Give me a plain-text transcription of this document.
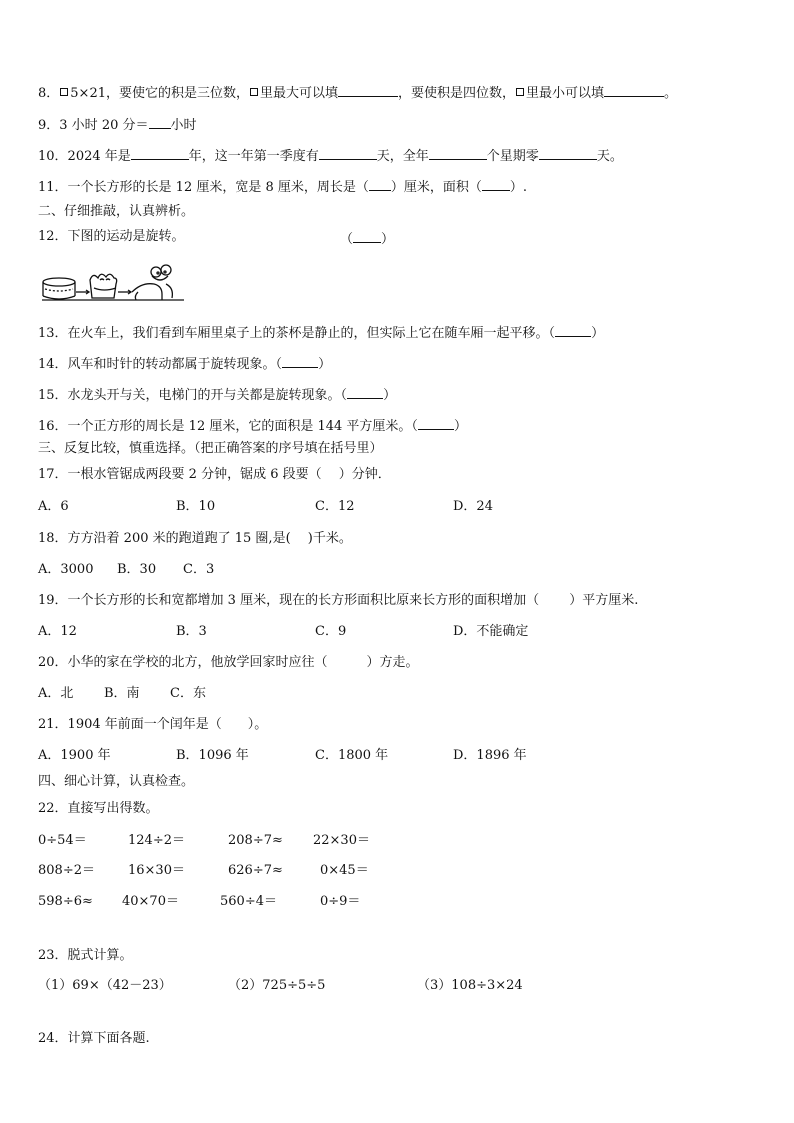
8． 5×21，要使它的积是三位数， 里最大可以填	，要使积是四位数， 里最小可以填	。
9．3 小时 20 分＝ 小时
10．2024 年是	年，这一年第一季度有	天，全年	个星期零	天。
11．一个长方形的长是 12 厘米，宽是 8 厘米，周长是（ ）厘米，面积（ ）.
二、仔细推敲，认真辨析。
12．下图的运动是旋转。	（ ）
13．在火车上，我们看到车厢里桌子上的茶杯是静止的，但实际上它在随车厢一起平移。（	）
14．风车和时针的转动都属于旋转现象。（	）
15．水龙头开与关，电梯门的开与关都是旋转现象。（	）
16．一个正方形的周长是 12 厘米，它的面积是 144 平方厘米。（	）
三、反复比较，慎重选择。（把正确答案的序号填在括号里）
17．一根水管锯成两段要 2 分钟，锯成 6 段要（　 ）分钟．
A．6	B．10	C．12	D．24
18．方方沿着 200 米的跑道跑了 15 圈,是(　 )千米。
A．3000 B．30 C．3
19．一个长方形的长和宽都增加 3 厘米，现在的长方形面积比原来长方形的面积增加（　　 ）平方厘米.
A．12	B．3	C．9	D．不能确定
20．小华的家在学校的北方，他放学回家时应往（　　　）方走。
A．北 B．南 C．东
21．1904 年前面一个闰年是（　　）。
A．1900 年	B．1096 年	C．1800 年	D．1896 年
四、细心计算，认真检查。
22．直接写出得数。
0÷54＝	124÷2＝	208÷7≈ 22×30＝
808÷2＝	16×30＝	626÷7≈	0×45＝
598÷6≈ 40×70＝	560÷4＝	0÷9＝
23．脱式计算。
（1）69×（42－23）	（2）725÷5÷5	（3）108÷3×24
24．计算下面各题.
